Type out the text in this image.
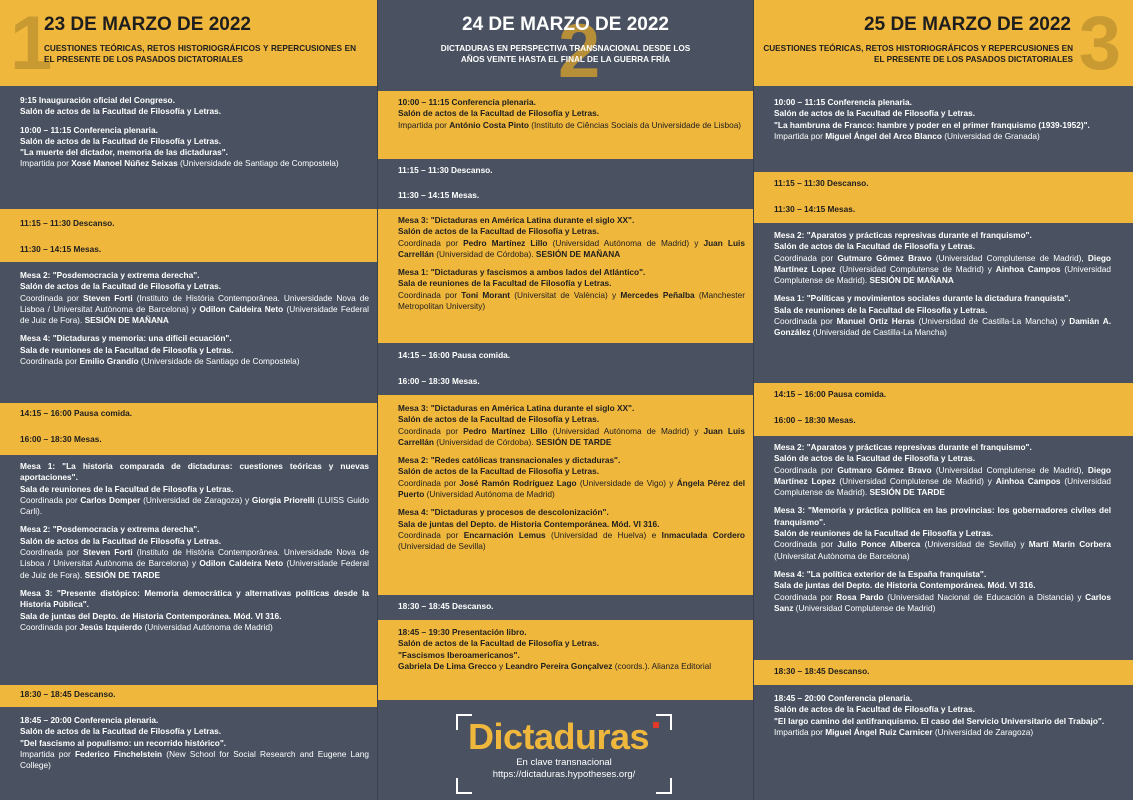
1
23 DE MARZO DE 2022
CUESTIONES TEÓRICAS, RETOS HISTORIOGRÁFICOS Y REPERCUSIONES EN EL PRESENTE DE LOS PASADOS DICTATORIALES
9:15 Inauguración oficial del Congreso.
Salón de actos de la Facultad de Filosofía y Letras.
10:00 – 11:15 Conferencia plenaria.
Salón de actos de la Facultad de Filosofía y Letras.
"La muerte del dictador, memoria de las dictaduras".
Impartida por Xosé Manoel Núñez Seixas (Universidade de Santiago de Compostela)
11:15 – 11:30 Descanso.
11:30 – 14:15 Mesas.
Mesa 2: "Posdemocracia y extrema derecha".
Salón de actos de la Facultad de Filosofía y Letras.
Coordinada por Steven Forti (Instituto de História Contemporânea. Universidade Nova de Lisboa / Universitat Autònoma de Barcelona) y Odilon Caldeira Neto (Universidade Federal de Juiz de Fora). SESIÓN DE MAÑANA
Mesa 4: "Dictaduras y memoria: una difícil ecuación".
Sala de reuniones de la Facultad de Filosofía y Letras.
Coordinada por Emilio Grandío (Universidade de Santiago de Compostela)
14:15 – 16:00 Pausa comida.
16:00 – 18:30 Mesas.
Mesa 1: "La historia comparada de dictaduras: cuestiones teóricas y nuevas aportaciones".
Sala de reuniones de la Facultad de Filosofía y Letras.
Coordinada por Carlos Domper (Universidad de Zaragoza) y Giorgia Priorelli (LUISS Guido Carli).
Mesa 2: "Posdemocracia y extrema derecha".
Salón de actos de la Facultad de Filosofía y Letras.
Coordinada por Steven Forti (Instituto de História Contemporânea. Universidade Nova de Lisboa / Universitat Autònoma de Barcelona) y Odilon Caldeira Neto (Universidade Federal de Juiz de Fora). SESIÓN DE TARDE
Mesa 3: "Presente distópico: Memoria democrática y alternativas políticas desde la Historia Pública".
Sala de juntas del Depto. de Historia Contemporánea. Mód. VI 316.
Coordinada por Jesús Izquierdo (Universidad Autónoma de Madrid)
18:30 – 18:45 Descanso.
18:45 – 20:00 Conferencia plenaria.
Salón de actos de la Facultad de Filosofía y Letras.
"Del fascismo al populismo: un recorrido histórico".
Impartida por Federico Finchelstein (New School for Social Research and Eugene Lang College)
2
24 DE MARZO DE 2022
DICTADURAS EN PERSPECTIVA TRANSNACIONAL DESDE LOS AÑOS VEINTE HASTA EL FINAL DE LA GUERRA FRÍA
10:00 – 11:15 Conferencia plenaria.
Salón de actos de la Facultad de Filosofía y Letras.
Impartida por António Costa Pinto (Instituto de Ciências Sociais da Universidade de Lisboa)
11:15 – 11:30 Descanso.
11:30 – 14:15 Mesas.
Mesa 3: "Dictaduras en América Latina durante el siglo XX".
Salón de actos de la Facultad de Filosofía y Letras.
Coordinada por Pedro Martínez Lillo (Universidad Autónoma de Madrid) y Juan Luis Carrellán (Universidad de Córdoba). SESIÓN DE MAÑANA
Mesa 1: "Dictaduras y fascismos a ambos lados del Atlántico".
Sala de reuniones de la Facultad de Filosofía y Letras.
Coordinada por Toni Morant (Universitat de València) y Mercedes Peñalba (Manchester Metropolitan University)
14:15 – 16:00 Pausa comida.
16:00 – 18:30 Mesas.
Mesa 3: "Dictaduras en América Latina durante el siglo XX".
Salón de actos de la Facultad de Filosofía y Letras.
Coordinada por Pedro Martínez Lillo (Universidad Autónoma de Madrid) y Juan Luis Carrellán (Universidad de Córdoba). SESIÓN DE TARDE
Mesa 2: "Redes católicas transnacionales y dictaduras".
Salón de actos de la Facultad de Filosofía y Letras.
Coordinada por José Ramón Rodríguez Lago (Universidade de Vigo) y Ángela Pérez del Puerto (Universidad Autónoma de Madrid)
Mesa 4: "Dictaduras y procesos de descolonización".
Sala de juntas del Depto. de Historia Contemporánea. Mód. VI 316.
Coordinada por Encarnación Lemus (Universidad de Huelva) e Inmaculada Cordero (Universidad de Sevilla)
18:30 – 18:45 Descanso.
18:45 – 19:30 Presentación libro.
Salón de actos de la Facultad de Filosofía y Letras.
"Fascismos Iberoamericanos".
Gabriela De Lima Grecco y Leandro Pereira Gonçalvez (coords.). Alianza Editorial
Dictaduras
En clave transnacional
https://dictaduras.hypotheses.org/
3
25 DE MARZO DE 2022
CUESTIONES TEÓRICAS, RETOS HISTORIOGRÁFICOS Y REPERCUSIONES EN EL PRESENTE DE LOS PASADOS DICTATORIALES
10:00 – 11:15 Conferencia plenaria.
Salón de actos de la Facultad de Filosofía y Letras.
"La hambruna de Franco: hambre y poder en el primer franquismo (1939-1952)".
Impartida por Miguel Ángel del Arco Blanco (Universidad de Granada)
11:15 – 11:30 Descanso.
11:30 – 14:15 Mesas.
Mesa 2: "Aparatos y prácticas represivas durante el franquismo".
Salón de actos de la Facultad de Filosofía y Letras.
Coordinada por Gutmaro Gómez Bravo (Universidad Complutense de Madrid), Diego Martínez Lopez (Universidad Complutense de Madrid) y Ainhoa Campos (Universidad Complutense de Madrid). SESIÓN DE MAÑANA
Mesa 1: "Políticas y movimientos sociales durante la dictadura franquista".
Sala de reuniones de la Facultad de Filosofía y Letras.
Coordinada por Manuel Ortiz Heras (Universidad de Castilla-La Mancha) y Damián A. González (Universidad de Castilla-La Mancha)
14:15 – 16:00 Pausa comida.
16:00 – 18:30 Mesas.
Mesa 2: "Aparatos y prácticas represivas durante el franquismo".
Salón de actos de la Facultad de Filosofía y Letras.
Coordinada por Gutmaro Gómez Bravo (Universidad Complutense de Madrid), Diego Martínez Lopez (Universidad Complutense de Madrid) y Ainhoa Campos (Universidad Complutense de Madrid). SESIÓN DE TARDE
Mesa 3: "Memoria y práctica política en las provincias: los gobernadores civiles del franquismo".
Salón de reuniones de la Facultad de Filosofía y Letras.
Coordinada por Julio Ponce Alberca (Universidad de Sevilla) y Martí Marín Corbera (Universitat Autònoma de Barcelona)
Mesa 4: "La política exterior de la España franquista".
Sala de juntas del Depto. de Historia Contemporánea. Mód. VI 316.
Coordinada por Rosa Pardo (Universidad Nacional de Educación a Distancia) y Carlos Sanz (Universidad Complutense de Madrid)
18:30 – 18:45 Descanso.
18:45 – 20:00 Conferencia plenaria.
Salón de actos de la Facultad de Filosofía y Letras.
"El largo camino del antifranquismo. El caso del Servicio Universitario del Trabajo".
Impartida por Miguel Ángel Ruiz Carnicer (Universidad de Zaragoza)
